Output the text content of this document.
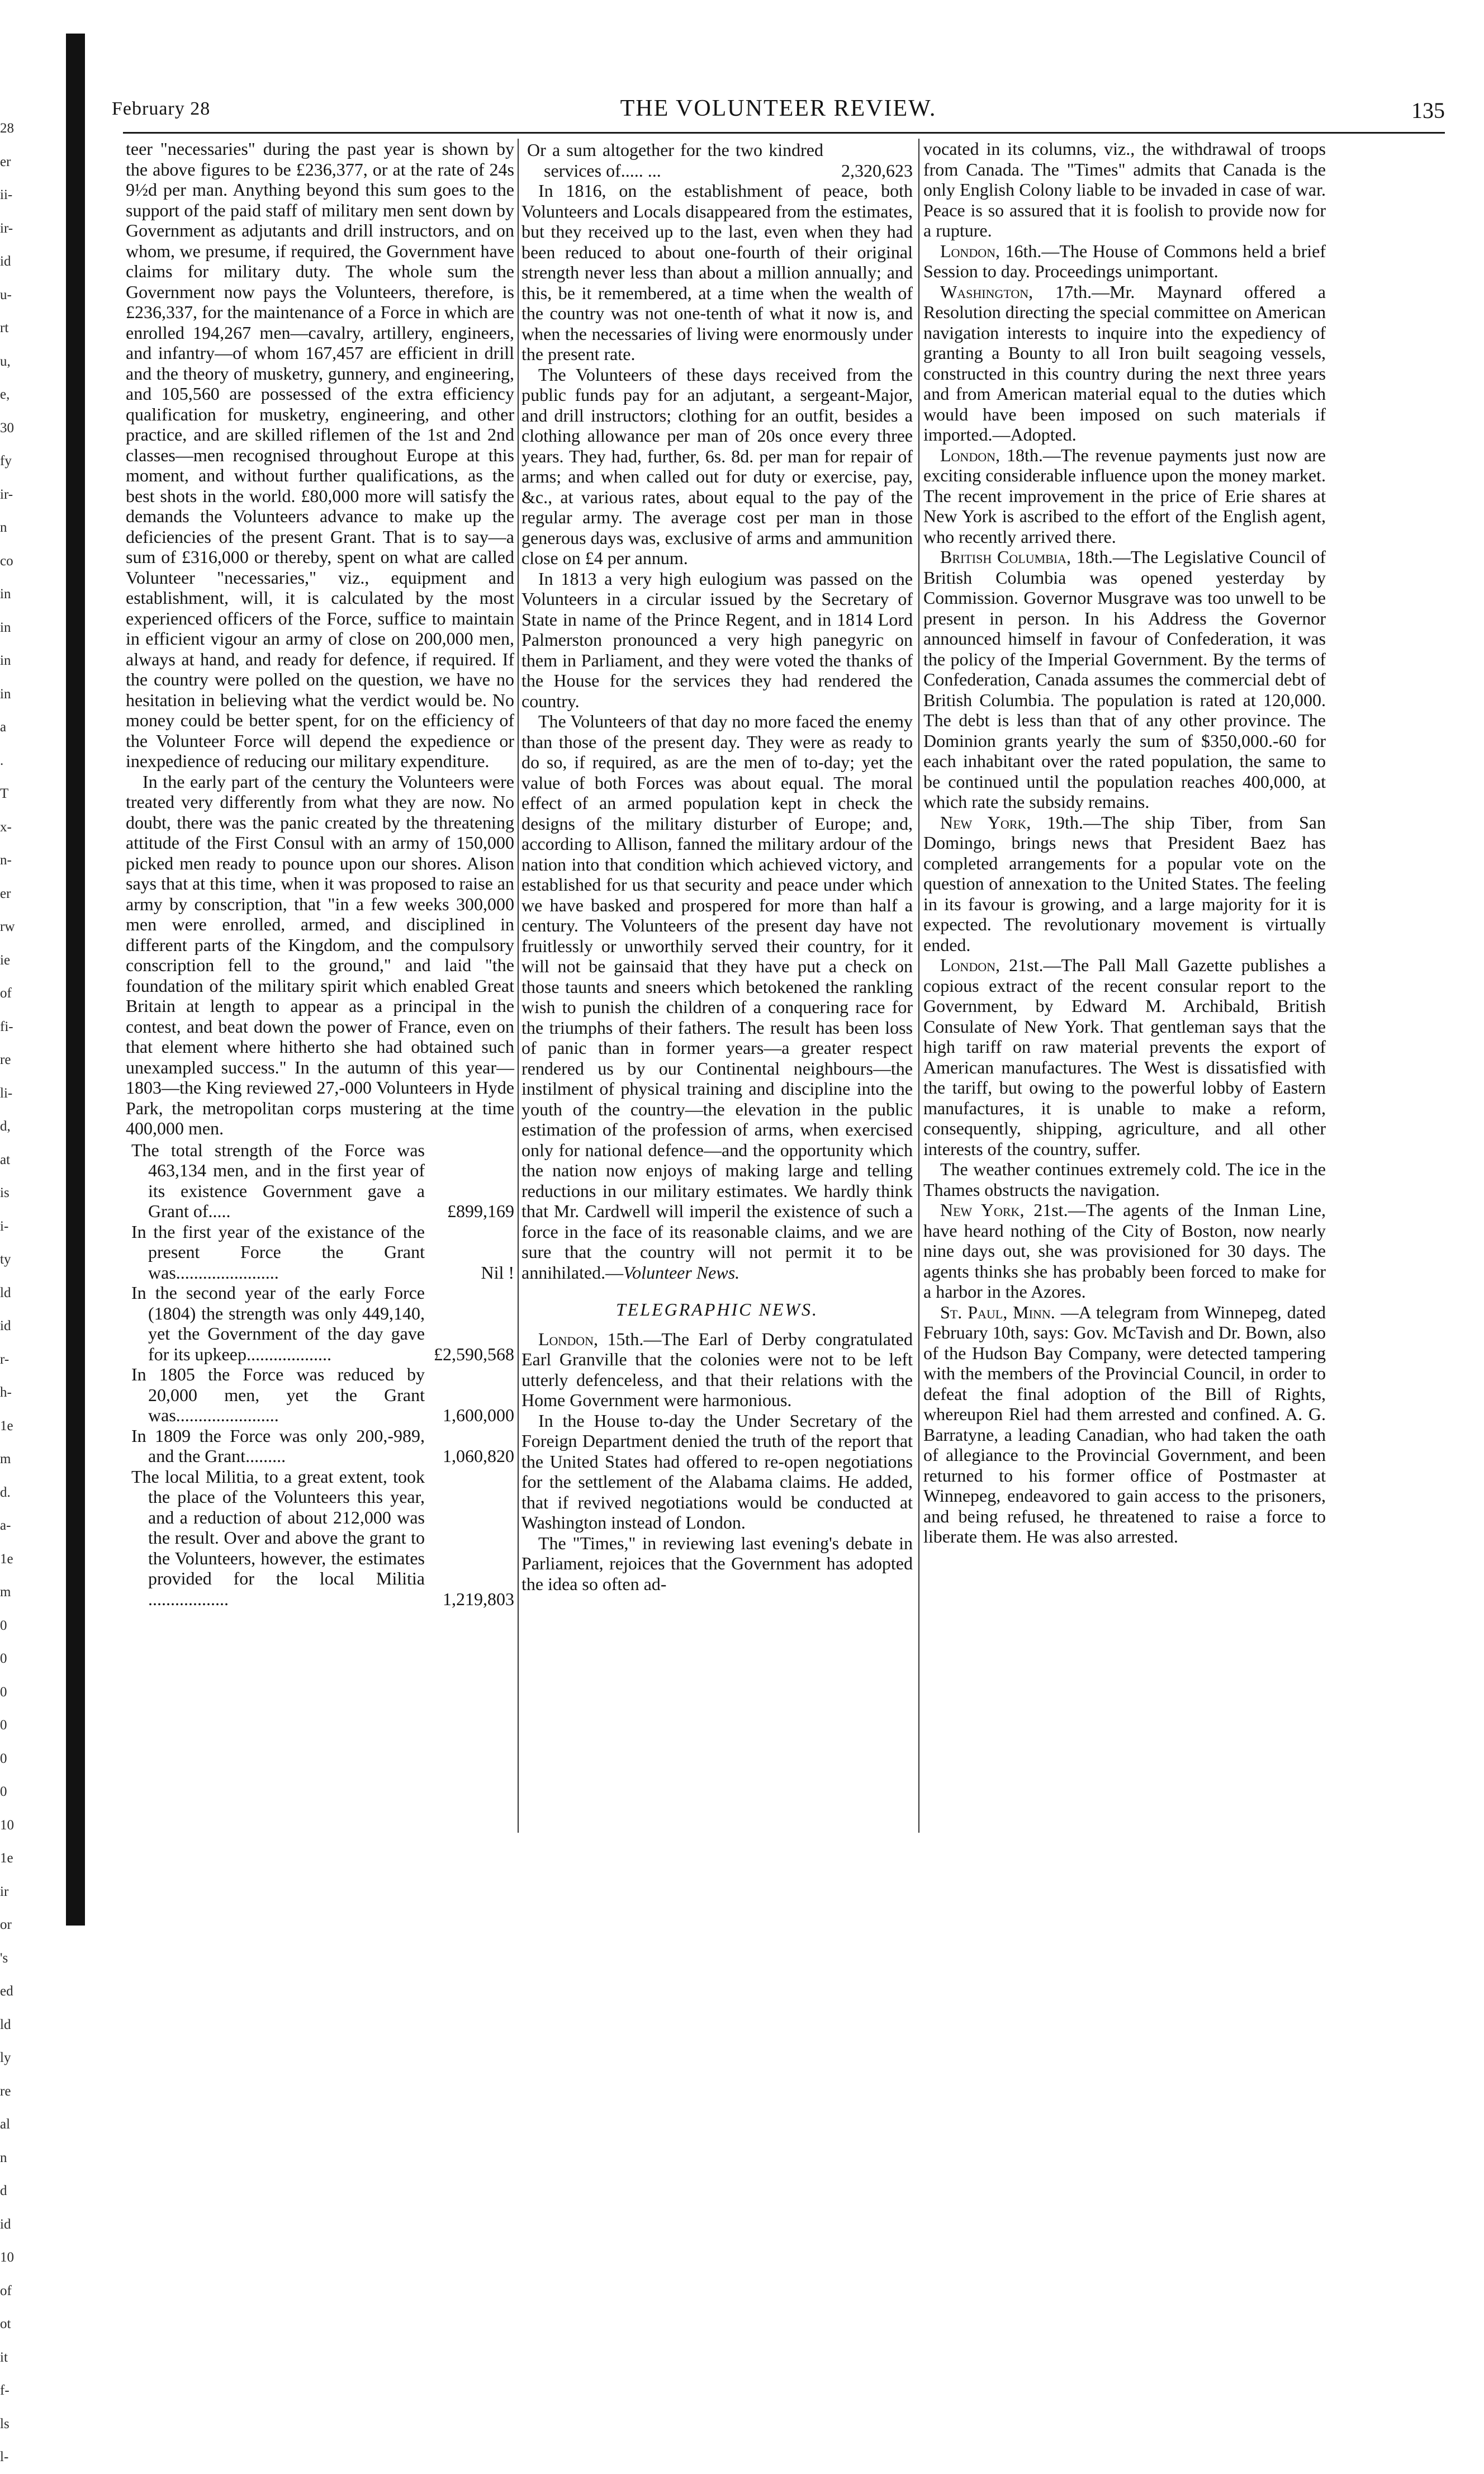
28
er
ii-
ir-
id
u-
rt
u,
e,
30
fy
ir-
n
co
in
in
in
in
a
.
T
x-
n-
er
rw
ie
of
fi-
re
li-
d,
at
is
i-
ty
ld
id
r-
h-
1e
m
d.
a-
1e
m
0
0
0
0
0
0
10
1e
ir
or
's
ed
ld
ly
re
al
n
d
id
10
of
ot
it
f-
ls
l-
February 28	THE VOLUNTEER REVIEW.	135

teer "necessaries" during the past year is shown by the above figures to be £236,377, or at the rate of 24s 9½d per man. Anything beyond this sum goes to the support of the paid staff of military men sent down by Government as adjutants and drill instructors, and on whom, we presume, if required, the Government have claims for military duty. The whole sum the Government now pays the Volunteers, therefore, is £236,337, for the maintenance of a Force in which are enrolled 194,267 men—cavalry, artillery, engineers, and infantry—of whom 167,457 are efficient in drill and the theory of musketry, gunnery, and engineering, and 105,560 are possessed of the extra efficiency qualification for musketry, engineering, and other practice, and are skilled riflemen of the 1st and 2nd classes—men recognised throughout Europe at this moment, and without further qualifications, as the best shots in the world. £80,000 more will satisfy the demands the Volunteers advance to make up the deficiencies of the present Grant. That is to say—a sum of £316,000 or thereby, spent on what are called Volunteer "necessaries," viz., equipment and establishment, will, it is calculated by the most experienced officers of the Force, suffice to maintain in efficient vigour an army of close on 200,000 men, always at hand, and ready for defence, if required. If the country were polled on the question, we have no hesitation in believing what the verdict would be. No money could be better spent, for on the efficiency of the Volunteer Force will depend the expedience or inexpedience of reducing our military expenditure.

In the early part of the century the Volunteers were treated very differently from what they are now. No doubt, there was the panic created by the threatening attitude of the First Consul with an army of 150,000 picked men ready to pounce upon our shores. Alison says that at this time, when it was proposed to raise an army by conscription, that "in a few weeks 300,000 men were enrolled, armed, and disciplined in different parts of the Kingdom, and the compulsory conscription fell to the ground," and laid "the foundation of the military spirit which enabled Great Britain at length to appear as a principal in the contest, and beat down the power of France, even on that element where hitherto she had obtained such unexampled success." In the autumn of this year—1803—the King reviewed 27,-000 Volunteers in Hyde Park, the metropolitan corps mustering at the time 400,000 men.

The total strength of the Force was 463,134 men, and in the first year of its existence Government gave a Grant of.....	£899,169
In the first year of the existance of the present Force the Grant was.......................	Nil !
In the second year of the early Force (1804) the strength was only 449,140, yet the Government of the day gave for its upkeep...................	£2,590,568
In 1805 the Force was reduced by 20,000 men, yet the Grant was.......................	1,600,000
In 1809 the Force was only 200,-989, and the Grant.........	1,060,820
The local Militia, to a great extent, took the place of the Volunteers this year, and a reduction of about 212,000 was the result. Over and above the grant to the Volunteers, however, the estimates provided for the local Militia ..................	1,219,803
Or a sum altogether for the two kindred services of..... ...	2,320,623

In 1816, on the establishment of peace, both Volunteers and Locals disappeared from the estimates, but they received up to the last, even when they had been reduced to about one-fourth of their original strength never less than about a million annually; and this, be it remembered, at a time when the wealth of the country was not one-tenth of what it now is, and when the necessaries of living were enormously under the present rate.

The Volunteers of these days received from the public funds pay for an adjutant, a sergeant-Major, and drill instructors; clothing for an outfit, besides a clothing allowance per man of 20s once every three years. They had, further, 6s. 8d. per man for repair of arms; and when called out for duty or exercise, pay, &c., at various rates, about equal to the pay of the regular army. The average cost per man in those generous days was, exclusive of arms and ammunition close on £4 per annum.

In 1813 a very high eulogium was passed on the Volunteers in a circular issued by the Secretary of State in name of the Prince Regent, and in 1814 Lord Palmerston pronounced a very high panegyric on them in Parliament, and they were voted the thanks of the House for the services they had rendered the country.

The Volunteers of that day no more faced the enemy than those of the present day. They were as ready to do so, if required, as are the men of to-day; yet the value of both Forces was about equal. The moral effect of an armed population kept in check the designs of the military disturber of Europe; and, according to Allison, fanned the military ardour of the nation into that condition which achieved victory, and established for us that security and peace under which we have basked and prospered for more than half a century. The Volunteers of the present day have not fruitlessly or unworthily served their country, for it will not be gainsaid that they have put a check on those taunts and sneers which betokened the rankling wish to punish the children of a conquering race for the triumphs of their fathers. The result has been loss of panic than in former years—a greater respect rendered us by our Continental neighbours—the instilment of physical training and discipline into the youth of the country—the elevation in the public estimation of the profession of arms, when exercised only for national defence—and the opportunity which the nation now enjoys of making large and telling reductions in our military estimates. We hardly think that Mr. Cardwell will imperil the existence of such a force in the face of its reasonable claims, and we are sure that the country will not permit it to be annihilated.—Volunteer News.

TELEGRAPHIC NEWS.

London, 15th.—The Earl of Derby congratulated Earl Granville that the colonies were not to be left utterly defenceless, and that their relations with the Home Government were harmonious.

In the House to-day the Under Secretary of the Foreign Department denied the truth of the report that the United States had offered to re-open negotiations for the settlement of the Alabama claims. He added, that if revived negotiations would be conducted at Washington instead of London.

The "Times," in reviewing last evening's debate in Parliament, rejoices that the Government has adopted the idea so often ad-

vocated in its columns, viz., the withdrawal of troops from Canada. The "Times" admits that Canada is the only English Colony liable to be invaded in case of war. Peace is so assured that it is foolish to provide now for a rupture.

London, 16th.—The House of Commons held a brief Session to day. Proceedings unimportant.

Washington, 17th.—Mr. Maynard offered a Resolution directing the special committee on American navigation interests to inquire into the expediency of granting a Bounty to all Iron built seagoing vessels, constructed in this country during the next three years and from American material equal to the duties which would have been imposed on such materials if imported.—Adopted.

London, 18th.—The revenue payments just now are exciting considerable influence upon the money market. The recent improvement in the price of Erie shares at New York is ascribed to the effort of the English agent, who recently arrived there.

British Columbia, 18th.—The Legislative Council of British Columbia was opened yesterday by Commission. Governor Musgrave was too unwell to be present in person. In his Address the Governor announced himself in favour of Confederation, it was the policy of the Imperial Government. By the terms of Confederation, Canada assumes the commercial debt of British Columbia. The population is rated at 120,000. The debt is less than that of any other province. The Dominion grants yearly the sum of $350,000.-60 for each inhabitant over the rated population, the same to be continued until the population reaches 400,000, at which rate the subsidy remains.

New York, 19th.—The ship Tiber, from San Domingo, brings news that President Baez has completed arrangements for a popular vote on the question of annexation to the United States. The feeling in its favour is growing, and a large majority for it is expected. The revolutionary movement is virtually ended.

London, 21st.—The Pall Mall Gazette publishes a copious extract of the recent consular report to the Government, by Edward M. Archibald, British Consulate of New York. That gentleman says that the high tariff on raw material prevents the export of American manufactures. The West is dissatisfied with the tariff, but owing to the powerful lobby of Eastern manufactures, it is unable to make a reform, consequently, shipping, agriculture, and all other interests of the country, suffer.

The weather continues extremely cold. The ice in the Thames obstructs the navigation.

New York, 21st.—The agents of the Inman Line, have heard nothing of the City of Boston, now nearly nine days out, she was provisioned for 30 days. The agents thinks she has probably been forced to make for a harbor in the Azores.

St. Paul, Minn. —A telegram from Winnepeg, dated February 10th, says: Gov. McTavish and Dr. Bown, also of the Hudson Bay Company, were detected tampering with the members of the Provincial Council, in order to defeat the final adoption of the Bill of Rights, whereupon Riel had them arrested and confined. A. G. Barratyne, a leading Canadian, who had taken the oath of allegiance to the Provincial Government, and been returned to his former office of Postmaster at Winnepeg, endeavored to gain access to the prisoners, and being refused, he threatened to raise a force to liberate them. He was also arrested.
